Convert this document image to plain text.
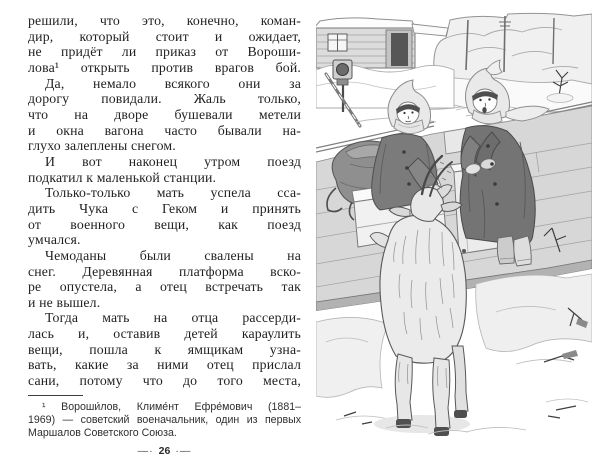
решили, что это, конечно, коман-
дир, который стоит и ожидает,
не придёт ли приказ от Вороши-
лова¹ открыть против врагов бой.
Да, немало всякого они за
дорогу повидали. Жаль только,
что на дворе бушевали метели
и окна вагона часто бывали на-
глухо залеплены снегом.
И вот наконец утром поезд
подкатил к маленькой станции.
Только-только мать успела сса-
дить Чука с Геком и принять
от военного вещи, как поезд
умчался.
Чемоданы были свалены на
снег. Деревянная платформа вско-
ре опустела, а отец встречать так
и не вышел.
Тогда мать на отца рассерди-
лась и, оставив детей караулить
вещи, пошла к ямщикам узна-
вать, какие за ними отец прислал
сани, потому что до того места,
¹ Вороши́лов, Климе́нт Ефре́мович (1881–
1969) — советский военачальник, один из первых
Маршалов Советского Союза.
—· 26 ·—
